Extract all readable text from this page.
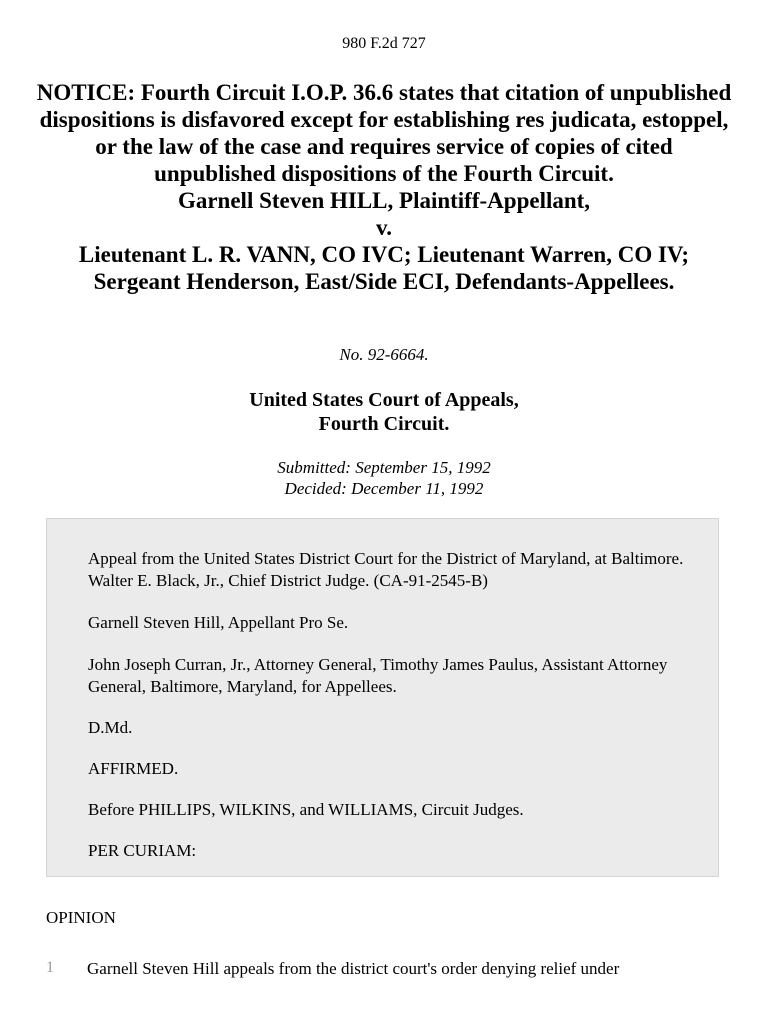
980 F.2d 727
NOTICE: Fourth Circuit I.O.P. 36.6 states that citation of unpublished dispositions is disfavored except for establishing res judicata, estoppel, or the law of the case and requires service of copies of cited unpublished dispositions of the Fourth Circuit.
Garnell Steven HILL, Plaintiff-Appellant,
v.
Lieutenant L. R. VANN, CO IVC; Lieutenant Warren, CO IV;
Sergeant Henderson, East/Side ECI, Defendants-Appellees.
No. 92-6664.
United States Court of Appeals,
Fourth Circuit.
Submitted: September 15, 1992
Decided: December 11, 1992
Appeal from the United States District Court for the District of Maryland, at Baltimore. Walter E. Black, Jr., Chief District Judge. (CA-91-2545-B)
Garnell Steven Hill, Appellant Pro Se.
John Joseph Curran, Jr., Attorney General, Timothy James Paulus, Assistant Attorney General, Baltimore, Maryland, for Appellees.
D.Md.
AFFIRMED.
Before PHILLIPS, WILKINS, and WILLIAMS, Circuit Judges.
PER CURIAM:
OPINION
1 Garnell Steven Hill appeals from the district court's order denying relief under
